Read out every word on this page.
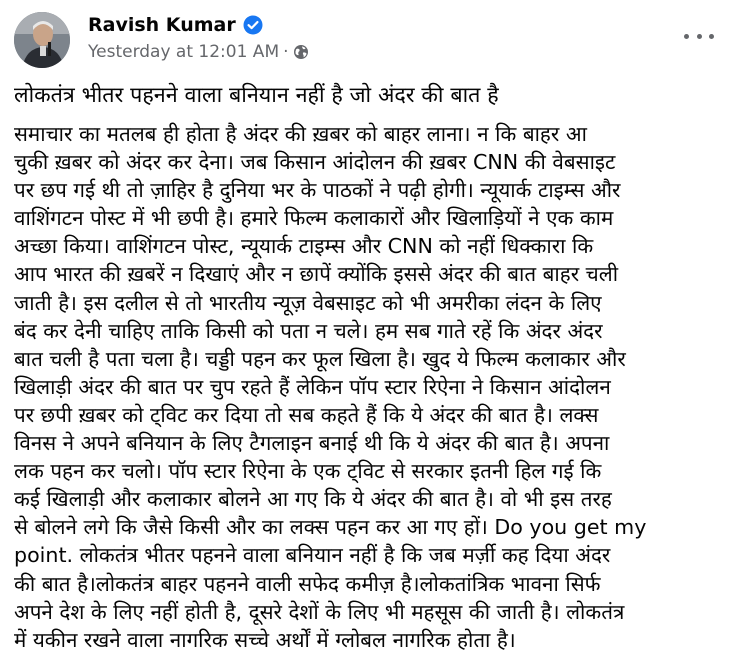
Ravish Kumar
Yesterday at 12:01 AM ·
लोकतंत्र भीतर पहनने वाला बनियान नहीं है जो अंदर की बात है
समाचार का मतलब ही होता है अंदर की ख़बर को बाहर लाना। न कि बाहर आ
चुकी ख़बर को अंदर कर देना। जब किसान आंदोलन की ख़बर CNN की वेबसाइट
पर छप गई थी तो ज़ाहिर है दुनिया भर के पाठकों ने पढ़ी होगी। न्यूयार्क टाइम्स और
वाशिंगटन पोस्ट में भी छपी है। हमारे फिल्म कलाकारों और खिलाड़ियों ने एक काम
अच्छा किया। वाशिंगटन पोस्ट, न्यूयार्क टाइम्स और CNN को नहीं धिक्कारा कि
आप भारत की ख़बरें न दिखाएं और न छापें क्योंकि इससे अंदर की बात बाहर चली
जाती है। इस दलील से तो भारतीय न्यूज़ वेबसाइट को भी अमरीका लंदन के लिए
बंद कर देनी चाहिए ताकि किसी को पता न चले। हम सब गाते रहें कि अंदर अंदर
बात चली है पता चला है। चड्डी पहन कर फूल खिला है। खुद ये फिल्म कलाकार और
खिलाड़ी अंदर की बात पर चुप रहते हैं लेकिन पॉप स्टार रिऐना ने किसान आंदोलन
पर छपी ख़बर को ट्विट कर दिया तो सब कहते हैं कि ये अंदर की बात है। लक्स
विनस ने अपने बनियान के लिए टैगलाइन बनाई थी कि ये अंदर की बात है। अपना
लक पहन कर चलो। पॉप स्टार रिऐना के एक ट्विट से सरकार इतनी हिल गई कि
कई खिलाड़ी और कलाकार बोलने आ गए कि ये अंदर की बात है। वो भी इस तरह
से बोलने लगे कि जैसे किसी और का लक्स पहन कर आ गए हों। Do you get my
point. लोकतंत्र भीतर पहनने वाला बनियान नहीं है कि जब मर्ज़ी कह दिया अंदर
की बात है।लोकतंत्र बाहर पहनने वाली सफेद कमीज़ है।लोकतांत्रिक भावना सिर्फ
अपने देश के लिए नहीं होती है, दूसरे देशों के लिए भी महसूस की जाती है। लोकतंत्र
में यकीन रखने वाला नागरिक सच्चे अर्थों में ग्लोबल नागरिक होता है।
